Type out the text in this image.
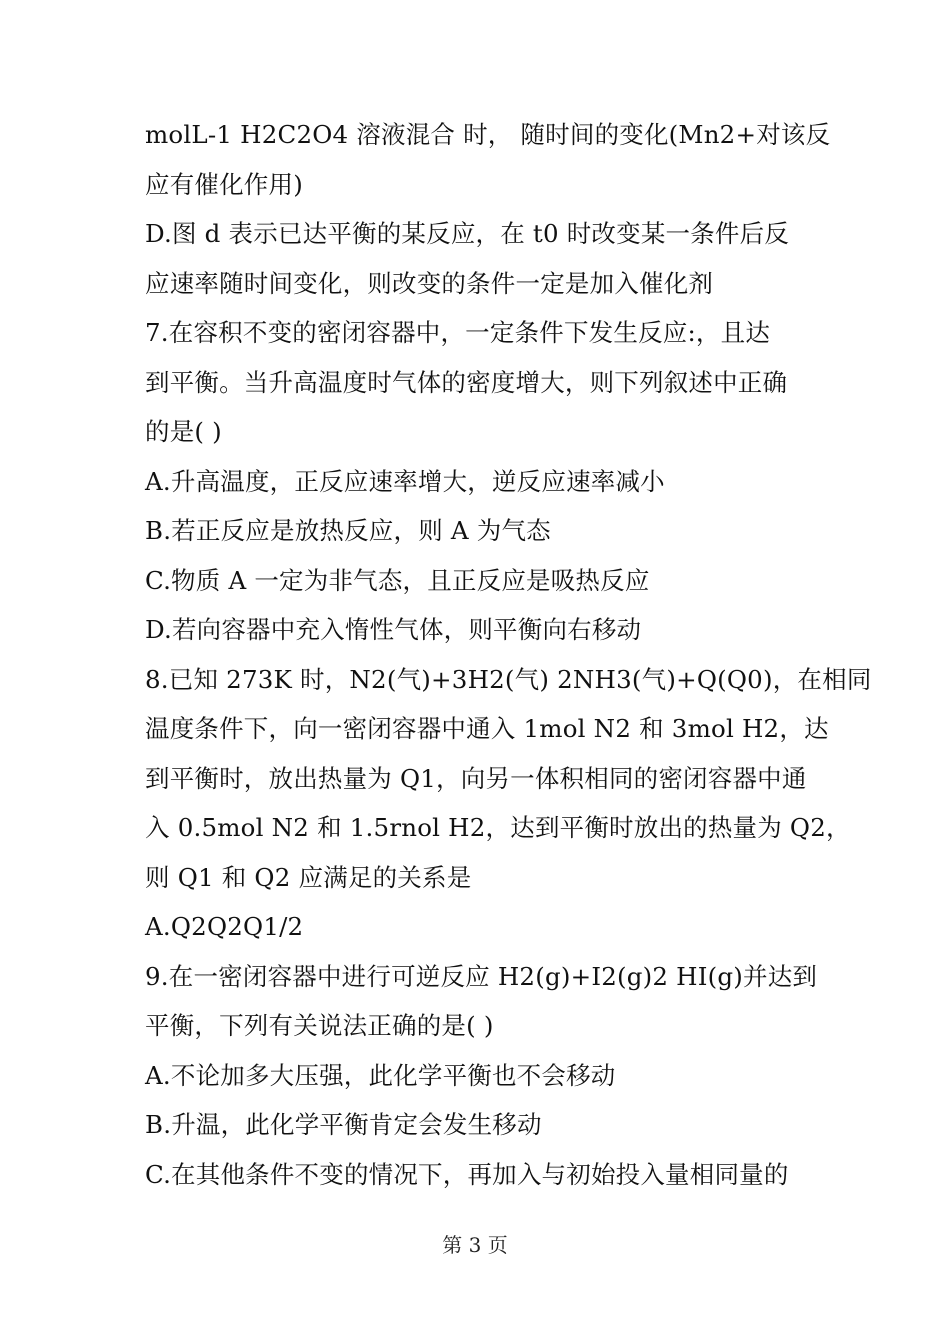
molL-1 H2C2O4 溶液混合 时， 随时间的变化(Mn2+对该反
应有催化作用)
D.图 d 表示已达平衡的某反应，在 t0 时改变某一条件后反
应速率随时间变化，则改变的条件一定是加入催化剂
7.在容积不变的密闭容器中，一定条件下发生反应:，且达
到平衡。当升高温度时气体的密度增大，则下列叙述中正确
的是( )
A.升高温度，正反应速率增大，逆反应速率减小
B.若正反应是放热反应，则 A 为气态
C.物质 A 一定为非气态，且正反应是吸热反应
D.若向容器中充入惰性气体，则平衡向右移动
8.已知 273K 时，N2(气)+3H2(气) 2NH3(气)+Q(Q0)，在相同
温度条件下，向一密闭容器中通入 1mol N2 和 3mol H2，达
到平衡时，放出热量为 Q1，向另一体积相同的密闭容器中通
入 0.5mol N2 和 1.5rnol H2，达到平衡时放出的热量为 Q2，
则 Q1 和 Q2 应满足的关系是
A.Q2Q2Q1/2
9.在一密闭容器中进行可逆反应 H2(g)+I2(g)2 HI(g)并达到
平衡，下列有关说法正确的是( )
A.不论加多大压强，此化学平衡也不会移动
B.升温，此化学平衡肯定会发生移动
C.在其他条件不变的情况下，再加入与初始投入量相同量的
第 3 页
